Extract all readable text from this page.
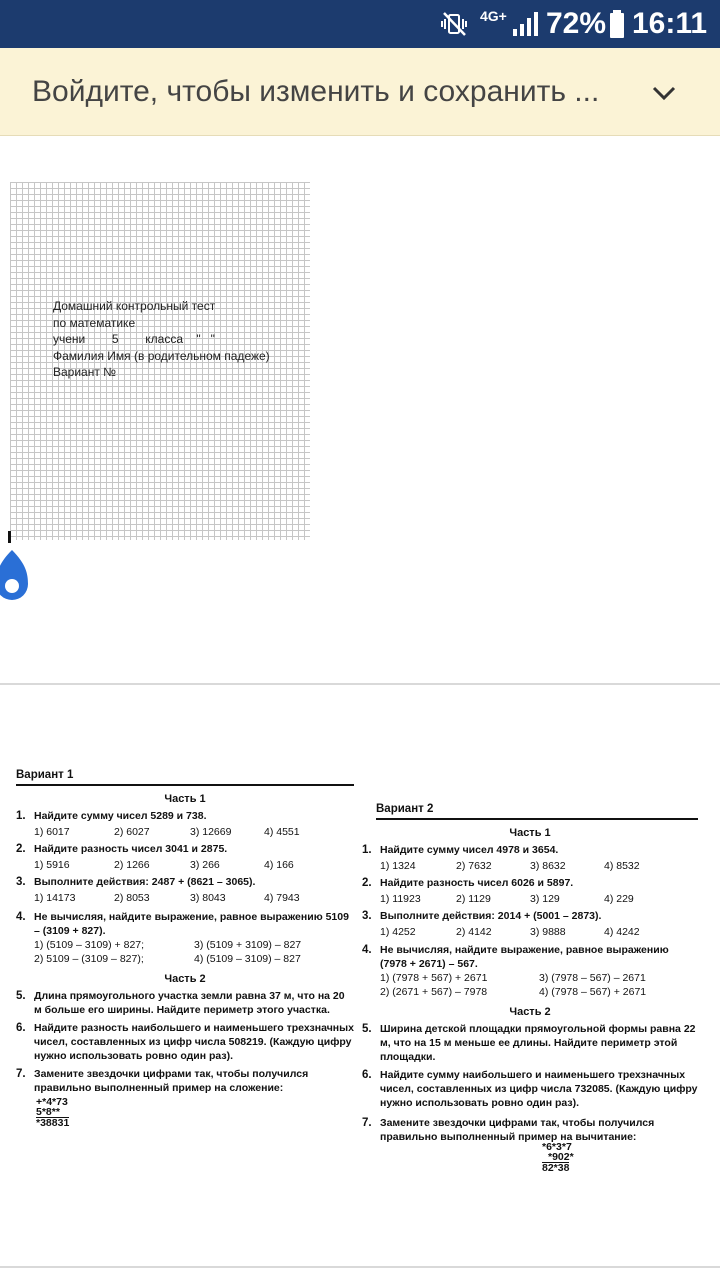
4G+ 72% 16:11
Войдите, чтобы изменить и сохранить ...
Домашний контрольный тест
по математике
учени        5        класса    "   "
Фамилия Имя (в родительном падеже)
Вариант №
Вариант 1
Часть 1
1. Найдите сумму чисел 5289 и 738.
1) 6017	2) 6027	3) 12669	4) 4551
2. Найдите разность чисел 3041 и 2875.
1) 5916	2) 1266	3) 266	4) 166
3. Выполните действия: 2487 + (8621 – 3065).
1) 14173	2) 8053	3) 8043	4) 7943
4. Не вычисляя, найдите выражение, равное выражению 5109 – (3109 + 827).
1) (5109 – 3109) + 827;	3) (5109 + 3109) – 827
2) 5109 – (3109 – 827);	4) (5109 – 3109) – 827
Часть 2
5. Длина прямоугольного участка земли равна 37 м, что на 20 м больше его ширины. Найдите периметр этого участка.
6. Найдите разность наибольшего и наименьшего трехзначных чисел, составленных из цифр числа 508219. (Каждую цифру нужно использовать ровно один раз).
7. Замените звездочки цифрами так, чтобы получился правильно выполненный пример на сложение:
+*4*73
5*8**
*38831
Вариант 2
Часть 1
1. Найдите сумму чисел 4978 и 3654.
1) 1324	2) 7632	3) 8632	4) 8532
2. Найдите разность чисел 6026 и 5897.
1) 11923	2) 1129	3) 129	4) 229
3. Выполните действия: 2014 + (5001 – 2873).
1) 4252	2) 4142	3) 9888	4) 4242
4. Не вычисляя, найдите выражение, равное выражению (7978 + 2671) – 567.
1) (7978 + 567) + 2671	3) (7978 – 567) – 2671
2) (2671 + 567) – 7978	4) (7978 – 567) + 2671
Часть 2
5. Ширина детской площадки прямоугольной формы равна 22 м, что на 15 м меньше ее длины. Найдите периметр этой площадки.
6. Найдите сумму наибольшего и наименьшего трехзначных чисел, составленных из цифр числа 732085. (Каждую цифру нужно использовать ровно один раз).
7. Замените звездочки цифрами так, чтобы получился правильно выполненный пример на вычитание:
*6*3*7
*902*
82*38
